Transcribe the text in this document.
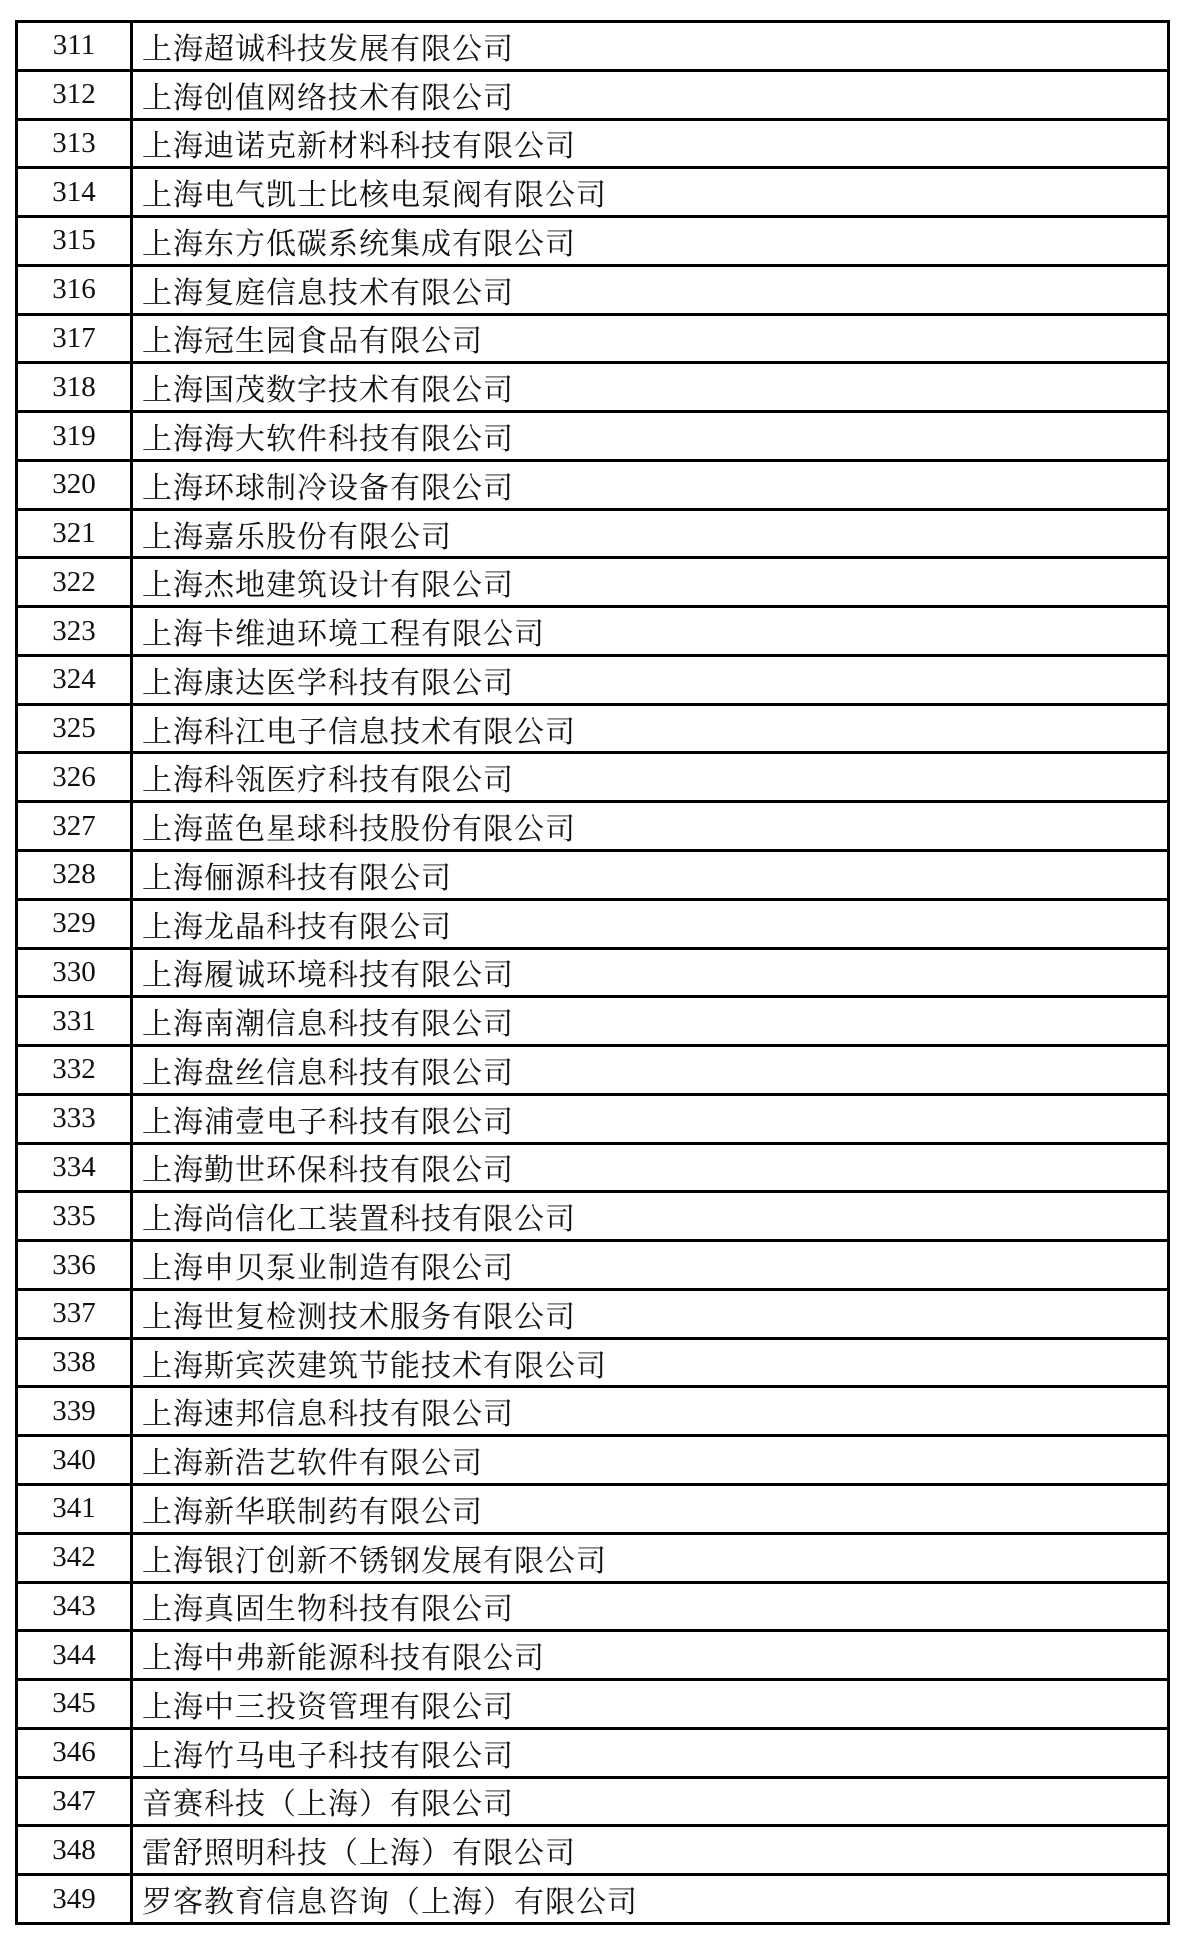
311	上海超诚科技发展有限公司
312	上海创值网络技术有限公司
313	上海迪诺克新材料科技有限公司
314	上海电气凯士比核电泵阀有限公司
315	上海东方低碳系统集成有限公司
316	上海复庭信息技术有限公司
317	上海冠生园食品有限公司
318	上海国茂数字技术有限公司
319	上海海大软件科技有限公司
320	上海环球制冷设备有限公司
321	上海嘉乐股份有限公司
322	上海杰地建筑设计有限公司
323	上海卡维迪环境工程有限公司
324	上海康达医学科技有限公司
325	上海科江电子信息技术有限公司
326	上海科瓴医疗科技有限公司
327	上海蓝色星球科技股份有限公司
328	上海俪源科技有限公司
329	上海龙晶科技有限公司
330	上海履诚环境科技有限公司
331	上海南潮信息科技有限公司
332	上海盘丝信息科技有限公司
333	上海浦壹电子科技有限公司
334	上海勤世环保科技有限公司
335	上海尚信化工装置科技有限公司
336	上海申贝泵业制造有限公司
337	上海世复检测技术服务有限公司
338	上海斯宾茨建筑节能技术有限公司
339	上海速邦信息科技有限公司
340	上海新浩艺软件有限公司
341	上海新华联制药有限公司
342	上海银汀创新不锈钢发展有限公司
343	上海真固生物科技有限公司
344	上海中弗新能源科技有限公司
345	上海中三投资管理有限公司
346	上海竹马电子科技有限公司
347	音赛科技（上海）有限公司
348	雷舒照明科技（上海）有限公司
349	罗客教育信息咨询（上海）有限公司
